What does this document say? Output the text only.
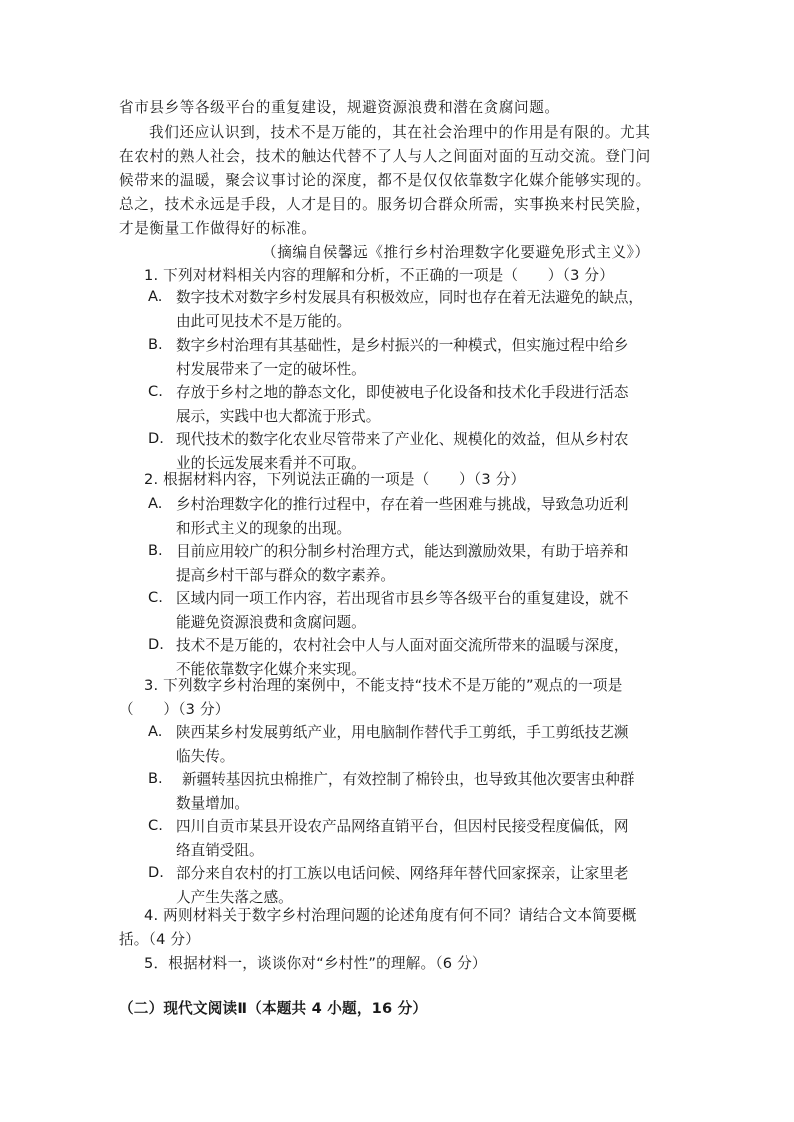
省市县乡等各级平台的重复建设，规避资源浪费和潜在贪腐问题。
我们还应认识到，技术不是万能的，其在社会治理中的作用是有限的。尤其
在农村的熟人社会，技术的触达代替不了人与人之间面对面的互动交流。登门问
候带来的温暖，聚会议事讨论的深度，都不是仅仅依靠数字化媒介能够实现的。
总之，技术永远是手段，人才是目的。服务切合群众所需，实事换来村民笑脸，
才是衡量工作做得好的标准。
（摘编自侯馨远《推行乡村治理数字化要避免形式主义》）
1. 下列对材料相关内容的理解和分析，不正确的一项是（　　）（3 分）
A. 数字技术对数字乡村发展具有积极效应，同时也存在着无法避免的缺点，
由此可见技术不是万能的。
B. 数字乡村治理有其基础性，是乡村振兴的一种模式，但实施过程中给乡
村发展带来了一定的破坏性。
C. 存放于乡村之地的静态文化，即使被电子化设备和技术化手段进行活态
展示，实践中也大都流于形式。
D. 现代技术的数字化农业尽管带来了产业化、规模化的效益，但从乡村农
业的长远发展来看并不可取。
2. 根据材料内容，下列说法正确的一项是（　　）（3 分）
A. 乡村治理数字化的推行过程中，存在着一些困难与挑战，导致急功近利
和形式主义的现象的出现。
B. 目前应用较广的积分制乡村治理方式，能达到激励效果，有助于培养和
提高乡村干部与群众的数字素养。
C. 区域内同一项工作内容，若出现省市县乡等各级平台的重复建设，就不
能避免资源浪费和贪腐问题。
D. 技术不是万能的，农村社会中人与人面对面交流所带来的温暖与深度，
不能依靠数字化媒介来实现。
3. 下列数字乡村治理的案例中，不能支持“技术不是万能的”观点的一项是
（　　）（3 分）
A. 陕西某乡村发展剪纸产业，用电脑制作替代手工剪纸，手工剪纸技艺濒
临失传。
B. 新疆转基因抗虫棉推广，有效控制了棉铃虫，也导致其他次要害虫种群
数量增加。
C. 四川自贡市某县开设农产品网络直销平台，但因村民接受程度偏低，网
络直销受阻。
D. 部分来自农村的打工族以电话问候、网络拜年替代回家探亲，让家里老
人产生失落之感。
4. 两则材料关于数字乡村治理问题的论述角度有何不同？请结合文本简要概
括。（4 分）
5．根据材料一，谈谈你对“乡村性”的理解。（6 分）
（二）现代文阅读Ⅱ（本题共 4 小题，16 分）
